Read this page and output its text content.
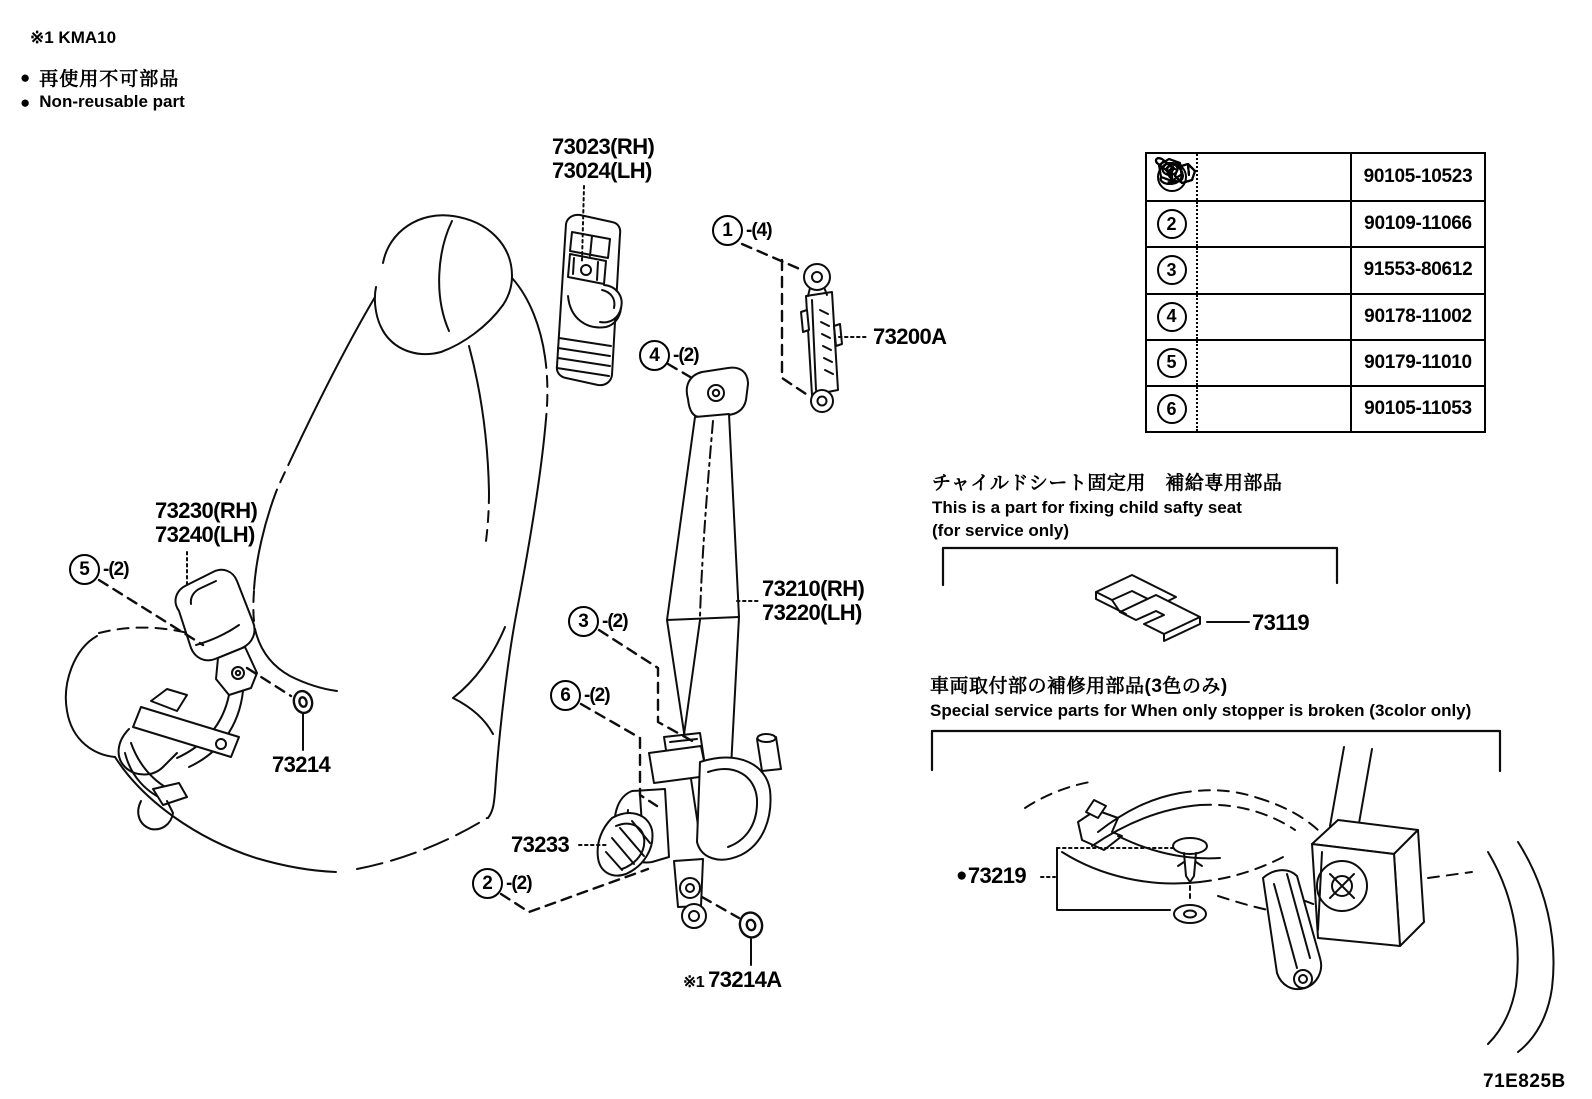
※1 KMA10
● 再使用不可部品
● Non-reusable part
1	90105-10523
2	90109-11066
3	91553-80612
4	90178-11002
5	90179-11010
6	90105-11053
1 -(4)
4 -(2)
3 -(2)
6 -(2)
5 -(2)
2 -(2)
73023(RH)
73024(LH)
73200A
73210(RH)
73220(LH)
73230(RH)
73240(LH)
73214
73233
※1 73214A
73119
● 73219
チャイルドシート固定用　補給専用部品
This is a part for fixing child safty seat
(for service only)
車両取付部の補修用部品(3色のみ)
Special service parts for When only stopper is broken (3color only)
71E825B
